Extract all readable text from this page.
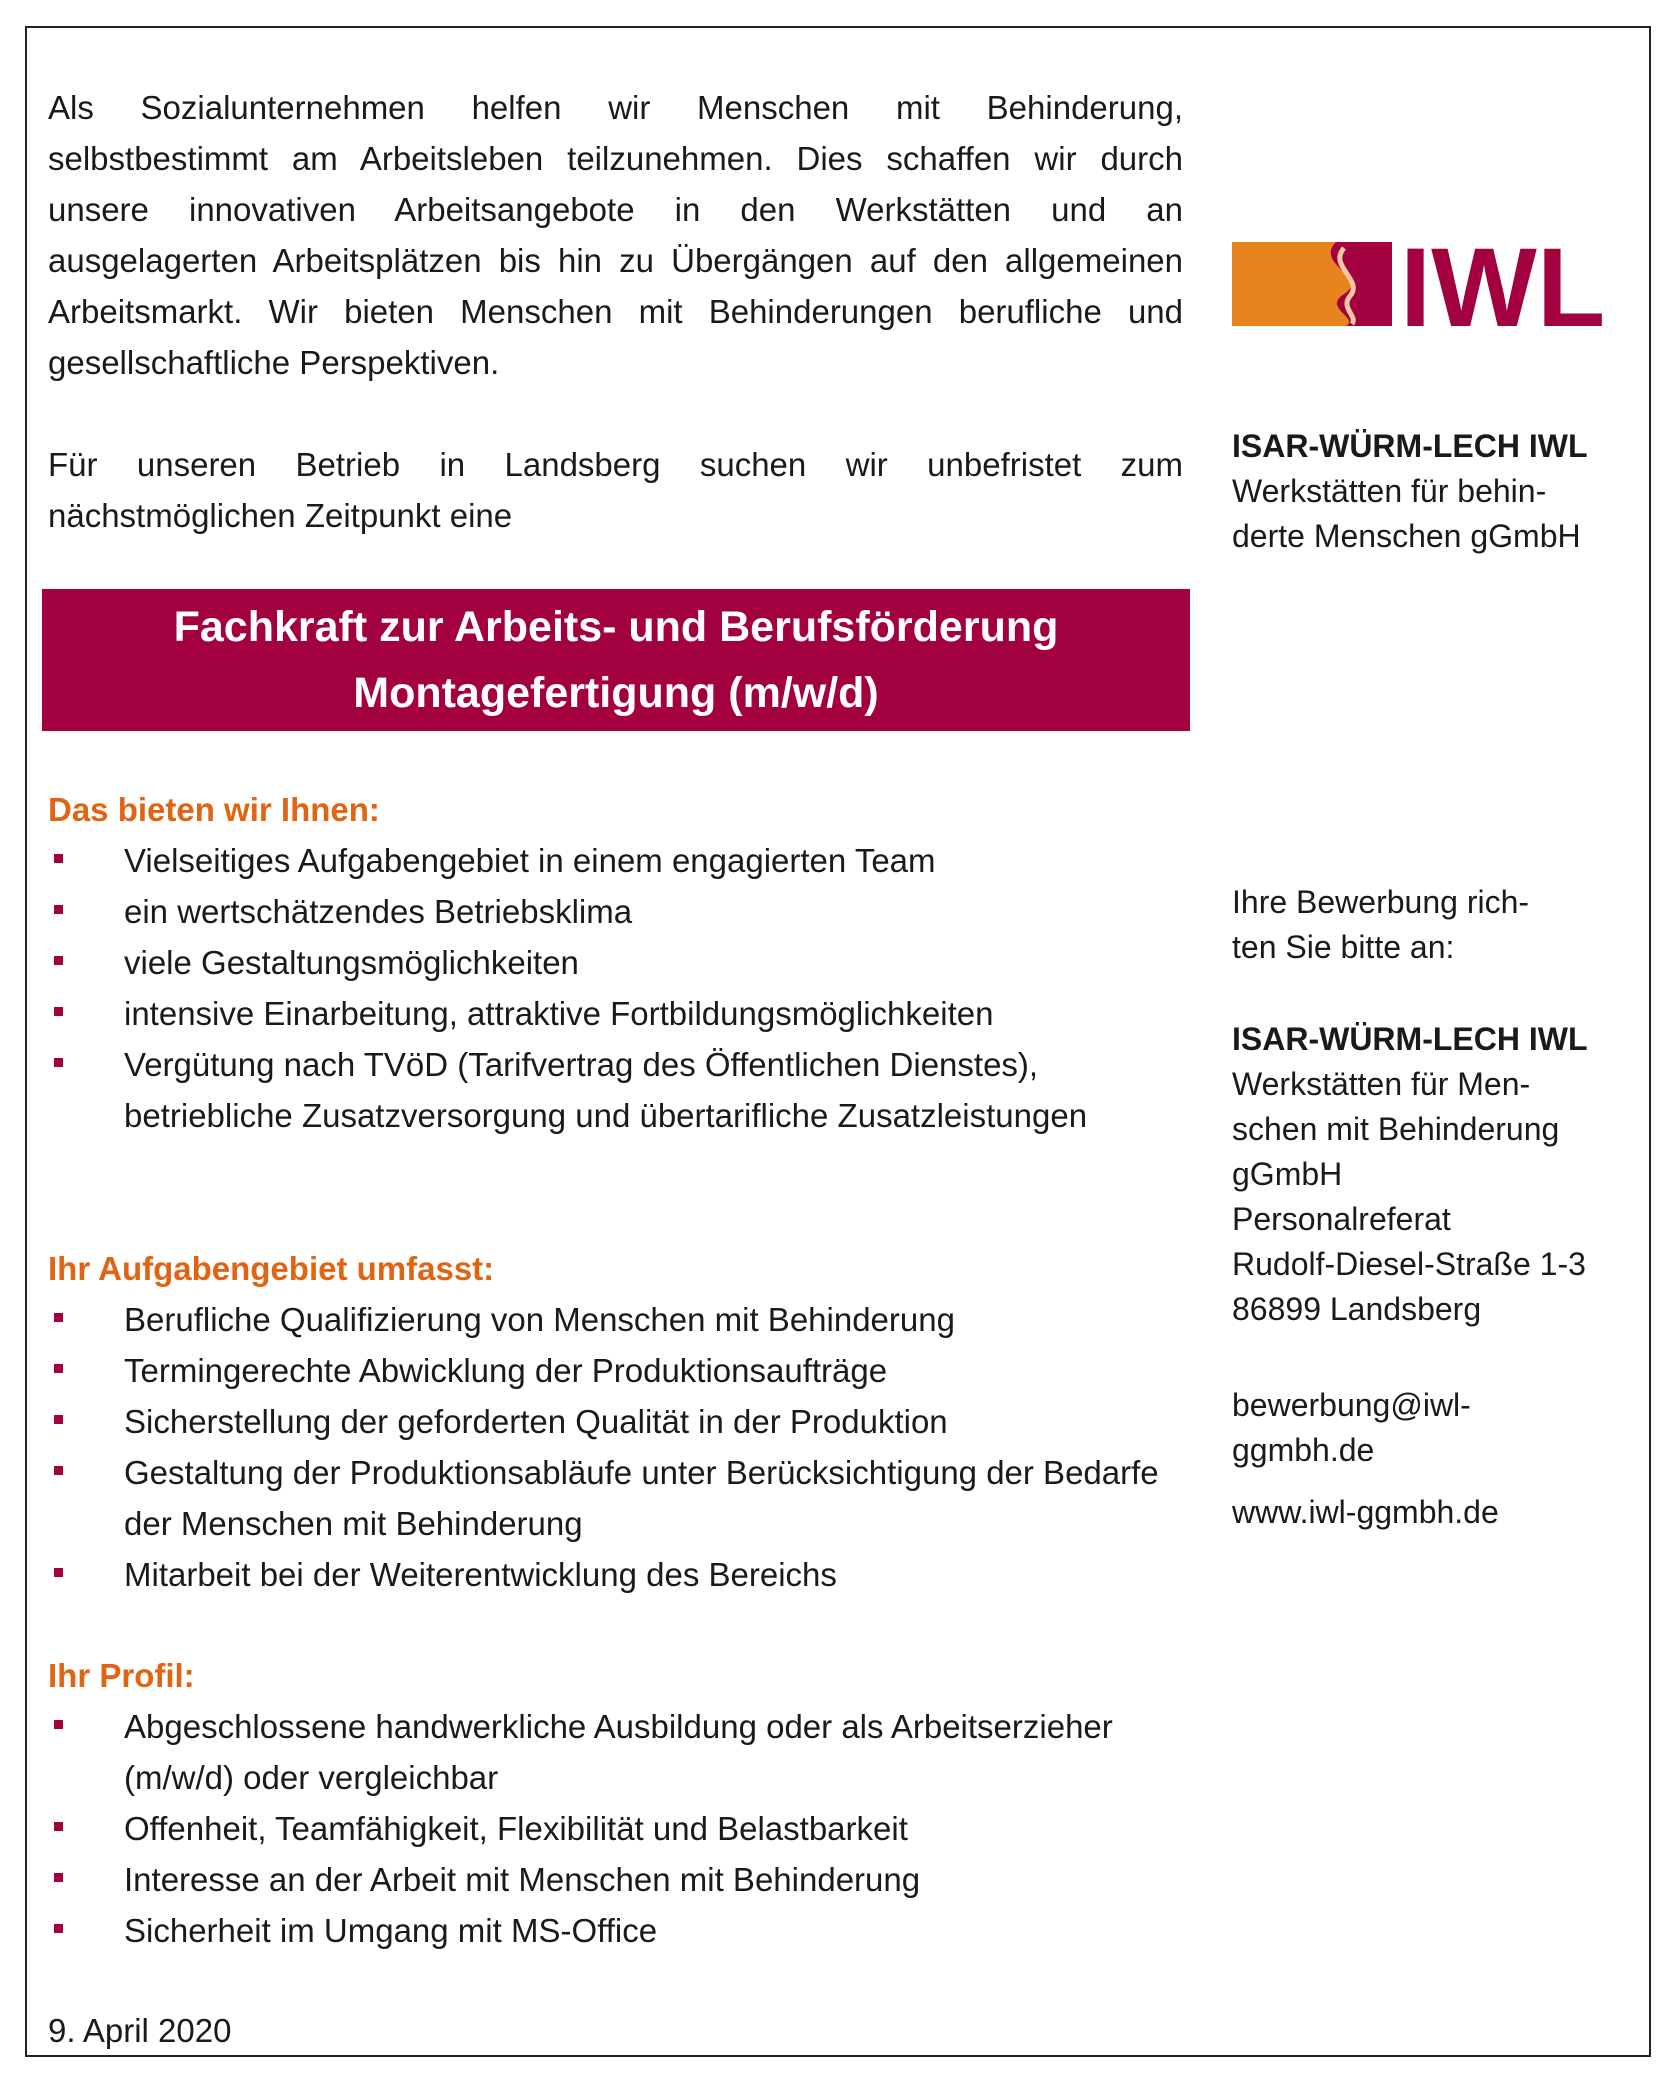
Als Sozialunternehmen helfen wir Menschen mit Behinderung, selbstbestimmt am Arbeitsleben teilzunehmen. Dies schaffen wir durch unsere innovativen Arbeitsangebote in den Werkstätten und an ausgelagerten Arbeitsplätzen bis hin zu Übergängen auf den allgemeinen Arbeitsmarkt. Wir bieten Menschen mit Behinderungen berufliche und gesellschaftliche Perspektiven.

Für unseren Betrieb in Landsberg suchen wir unbefristet zum nächstmöglichen Zeitpunkt eine

Fachkraft zur Arbeits- und Berufsförderung
Montagefertigung (m/w/d)
Das bieten wir Ihnen:
Vielseitiges Aufgabengebiet in einem engagierten Team
ein wertschätzendes Betriebsklima
viele Gestaltungsmöglichkeiten
intensive Einarbeitung, attraktive Fortbildungsmöglichkeiten
Vergütung nach TVöD (Tarifvertrag des Öffentlichen Dienstes), betriebliche Zusatzversorgung und übertarifliche Zusatzleistungen
Ihr Aufgabengebiet umfasst:
Berufliche Qualifizierung von Menschen mit Behinderung
Termingerechte Abwicklung der Produktionsaufträge
Sicherstellung der geforderten Qualität in der Produktion
Gestaltung der Produktionsabläufe unter Berücksichtigung der Bedarfe der Menschen mit Behinderung
Mitarbeit bei der Weiterentwicklung des Bereichs
Ihr Profil:
Abgeschlossene handwerkliche Ausbildung oder als Arbeitserzieher (m/w/d) oder vergleichbar
Offenheit, Teamfähigkeit, Flexibilität und Belastbarkeit
Interesse an der Arbeit mit Menschen mit Behinderung
Sicherheit im Umgang mit MS-Office
9. April 2020
IWL

ISAR-WÜRM-LECH IWL

Werkstätten für behin-

derte Menschen gGmbH

Ihre Bewerbung rich-

ten Sie bitte an:

ISAR-WÜRM-LECH IWL

Werkstätten für Men-

schen mit Behinderung

gGmbH

Personalreferat

Rudolf-Diesel-Straße 1-3

86899 Landsberg

bewerbung@iwl-

ggmbh.de

www.iwl-ggmbh.de
